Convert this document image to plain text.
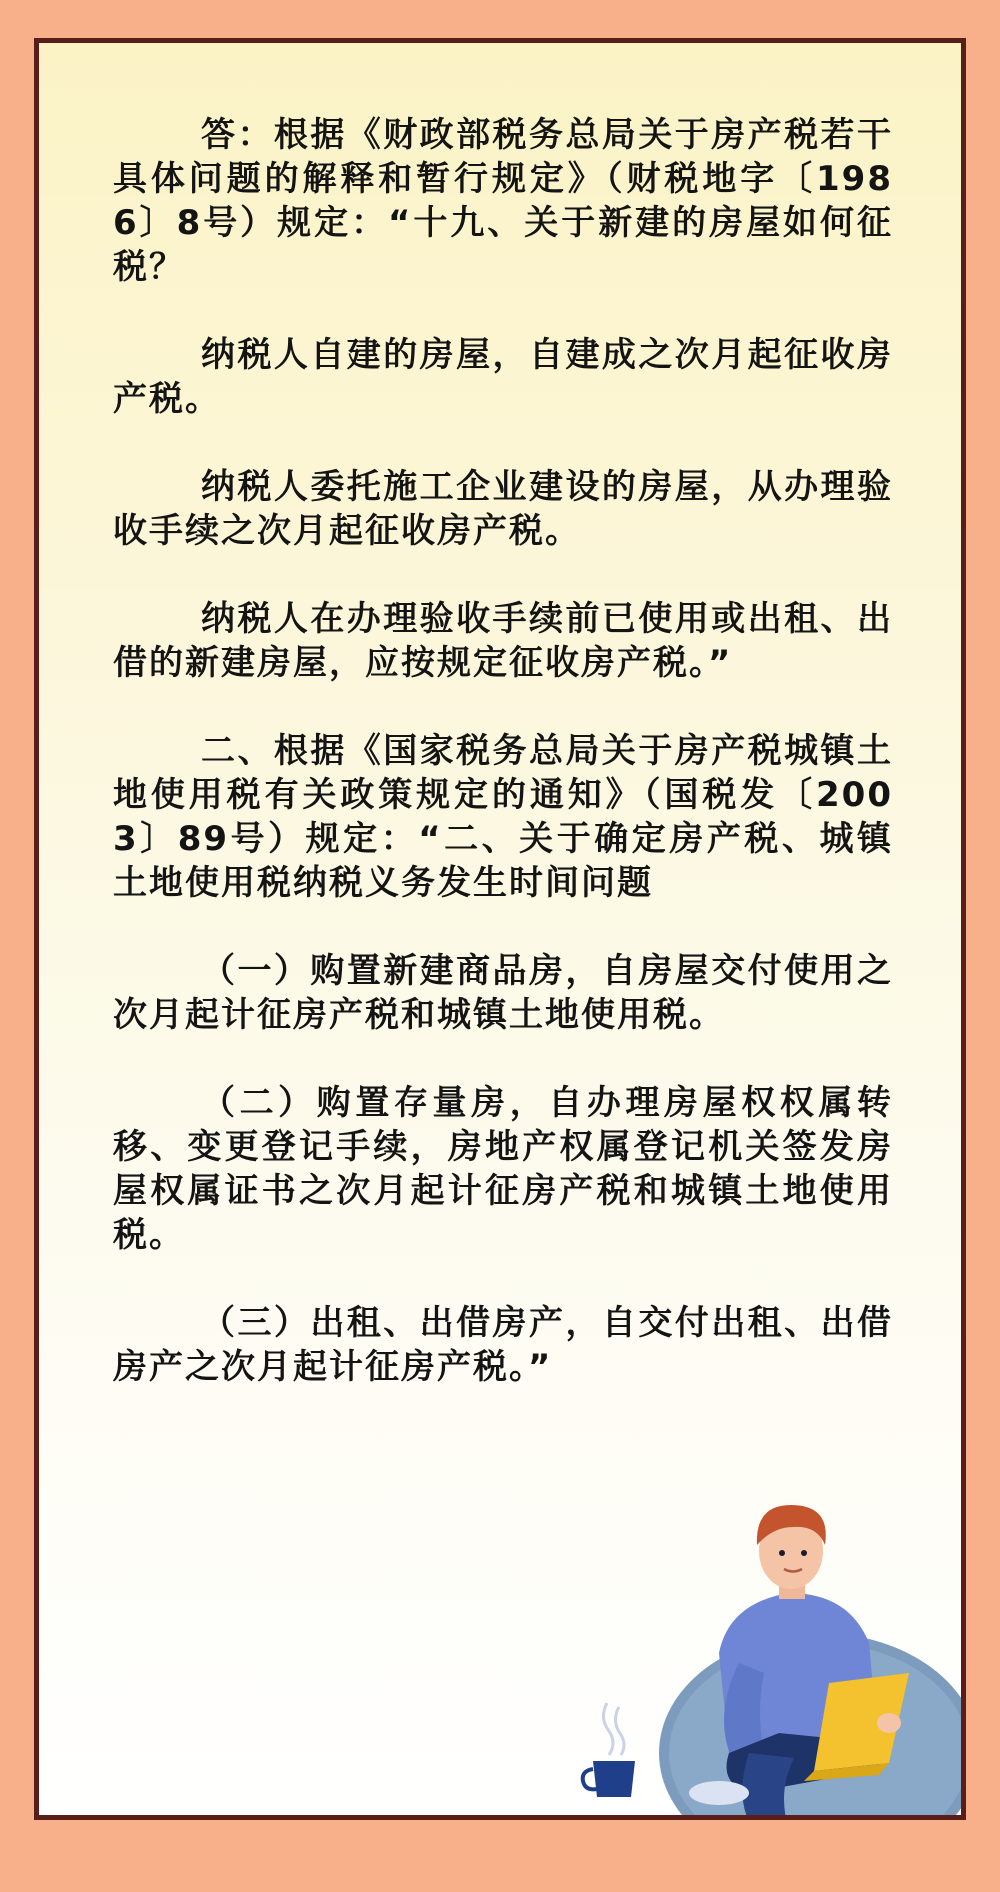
答：根据《财政部税务总局关于房产税若干具体问题的解释和暂行规定》（财税地字〔1986〕8号）规定：“十九、关于新建的房屋如何征税？

纳税人自建的房屋，自建成之次月起征收房产税。

纳税人委托施工企业建设的房屋，从办理验收手续之次月起征收房产税。

纳税人在办理验收手续前已使用或出租、出借的新建房屋，应按规定征收房产税。”

二、根据《国家税务总局关于房产税城镇土地使用税有关政策规定的通知》（国税发〔2003〕89号）规定：“二、关于确定房产税、城镇土地使用税纳税义务发生时间问题

（一）购置新建商品房，自房屋交付使用之次月起计征房产税和城镇土地使用税。

（二）购置存量房，自办理房屋权权属转移、变更登记手续，房地产权属登记机关签发房屋权属证书之次月起计征房产税和城镇土地使用税。

（三）出租、出借房产，自交付出租、出借房产之次月起计征房产税。”
